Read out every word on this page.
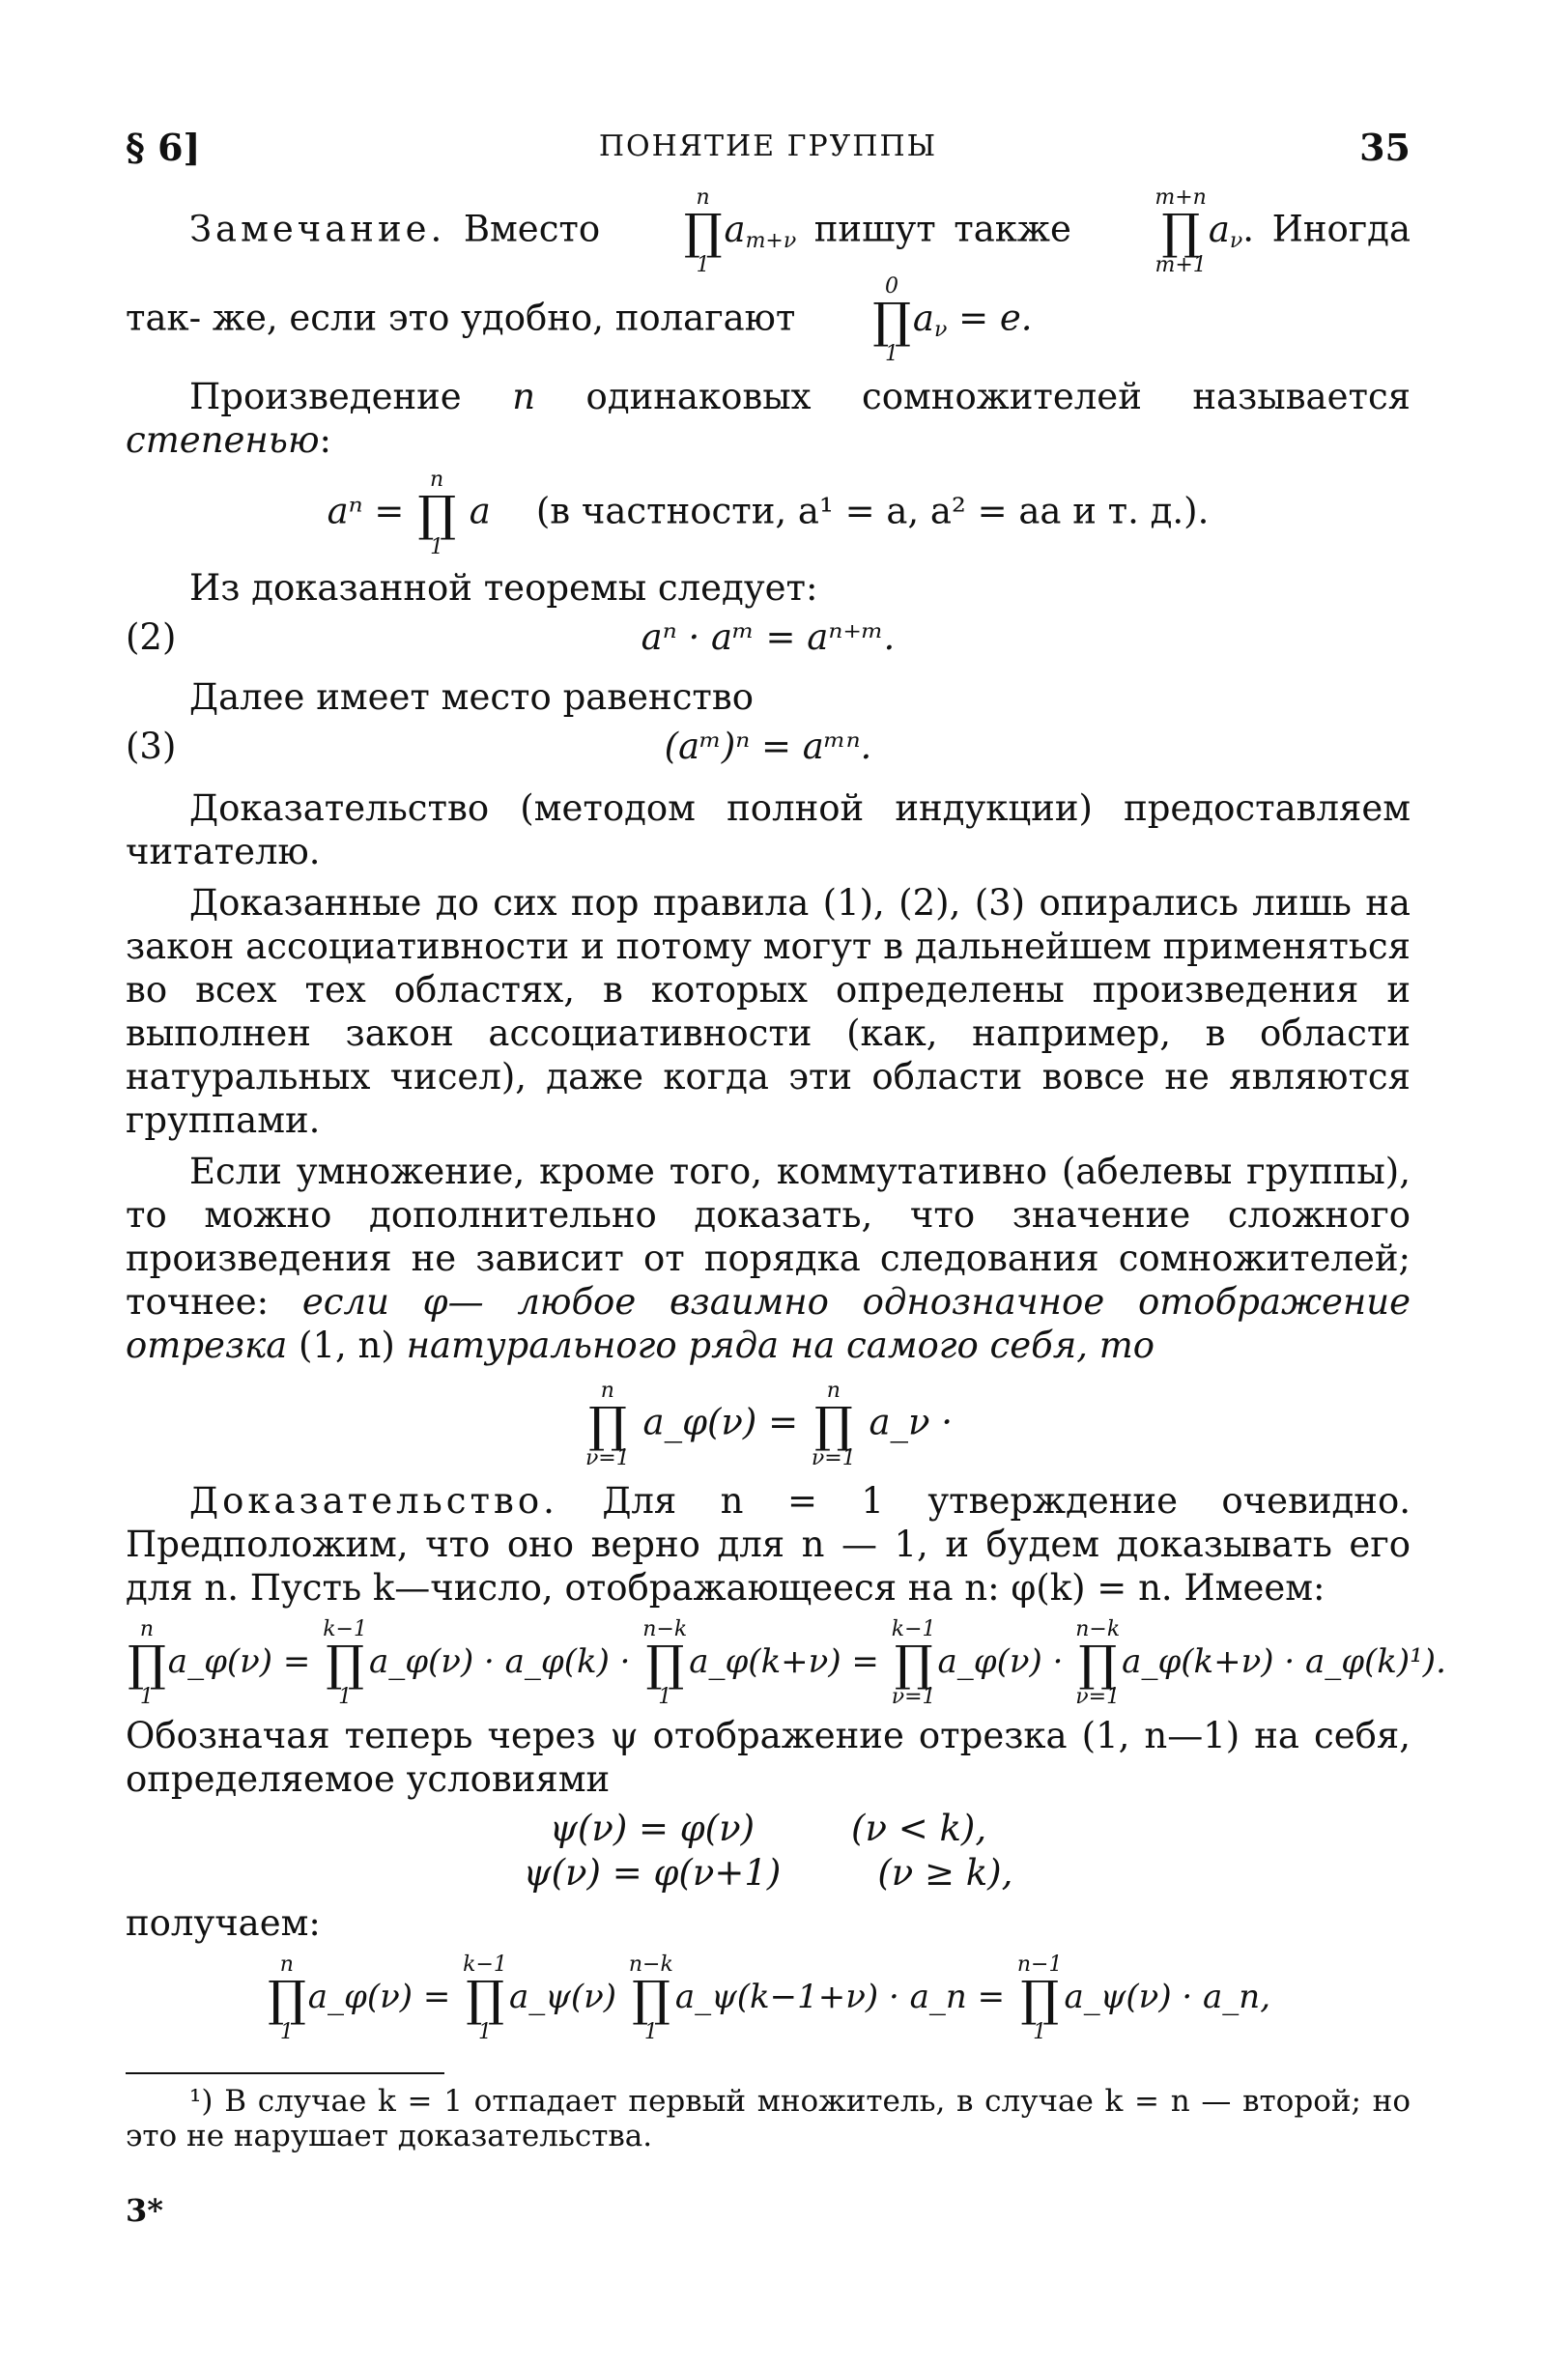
§ 6]	ПОНЯТИЕ ГРУППЫ	35

Замечание. Вместо
n
∏
1
$a_{m+\nu}$ пишут также
m+n
∏
m+1
$a_\nu$. Иногда так- же, если это удобно, полагают
0
∏
1
$a_\nu = e$.

Произведение n одинаковых сомножителей называется степенью:

aⁿ =
n
∏
1
a (в частности, a¹ = a, a² = aa и т. д.).

Из доказанной теоремы следует:

(2)	aⁿ · aᵐ = aⁿ⁺ᵐ.

Далее имеет место равенство

(3)	(aᵐ)ⁿ = aᵐⁿ.

Доказательство (методом полной индукции) предоставляем читателю.

Доказанные до сих пор правила (1), (2), (3) опирались лишь на закон ассоциативности и потому могут в дальнейшем применяться во всех тех областях, в которых определены произведения и выполнен закон ассоциативности (как, например, в области натуральных чисел), даже когда эти области вовсе не являются группами.

Если умножение, кроме того, коммутативно (абелевы группы), то можно дополнительно доказать, что значение сложного произведения не зависит от порядка следования сомножителей; точнее: если φ— любое взаимно однозначное отображение отрезка (1, n) натурального ряда на самого себя, то

n
∏
ν=1
a_φ(ν) =
n
∏
ν=1
a_ν ·

Доказательство. Для n = 1 утверждение очевидно. Предположим, что оно верно для n — 1, и будем доказывать его для n. Пусть k—число, отображающееся на n: φ(k) = n. Имеем:

n
∏
1
a_φ(ν) =
k−1
∏
1
a_φ(ν) · a_φ(k) ·
n−k
∏
1
a_φ(k+ν) =
k−1
∏
ν=1
a_φ(ν) ·
n−k
∏
ν=1
a_φ(k+ν) · a_φ(k)¹).

Обозначая теперь через ψ отображение отрезка (1, n—1) на себя, определяемое условиями

ψ(ν) = φ(ν)	(ν < k),
ψ(ν) = φ(ν+1)	(ν ≥ k),

получаем:

n
∏
1
a_φ(ν) =
k−1
∏
1
a_ψ(ν)
n−k
∏
1
a_ψ(k−1+ν) · a_n =
n−1
∏
1
a_ψ(ν) · a_n,

¹) В случае k = 1 отпадает первый множитель, в случае k = n — второй; но это не нарушает доказательства.

3*
